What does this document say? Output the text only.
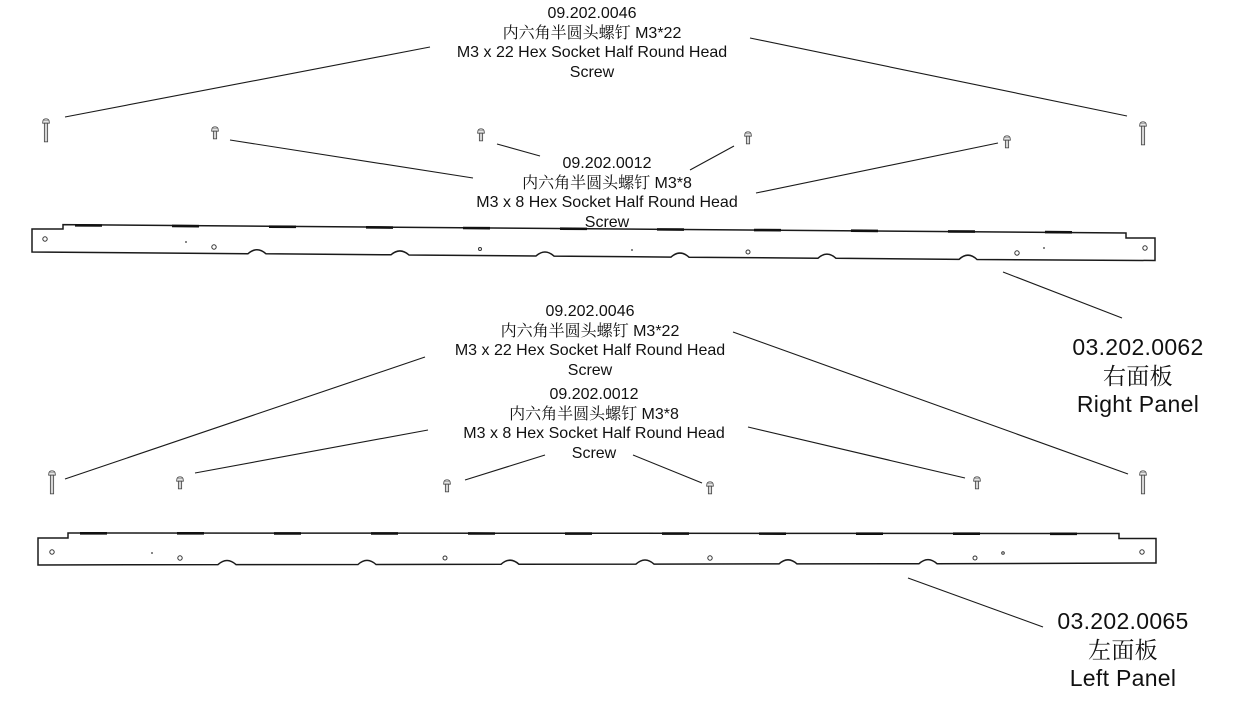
09.202.0046
内六角半圆头螺钉 M3*22
M3 x 22 Hex Socket Half Round Head
Screw
09.202.0012
内六角半圆头螺钉 M3*8
M3 x 8 Hex Socket Half Round Head
Screw
03.202.0062
右面板
Right Panel
09.202.0046
内六角半圆头螺钉 M3*22
M3 x 22 Hex Socket Half Round Head
Screw
09.202.0012
内六角半圆头螺钉 M3*8
M3 x 8 Hex Socket Half Round Head
Screw
03.202.0065
左面板
Left Panel
